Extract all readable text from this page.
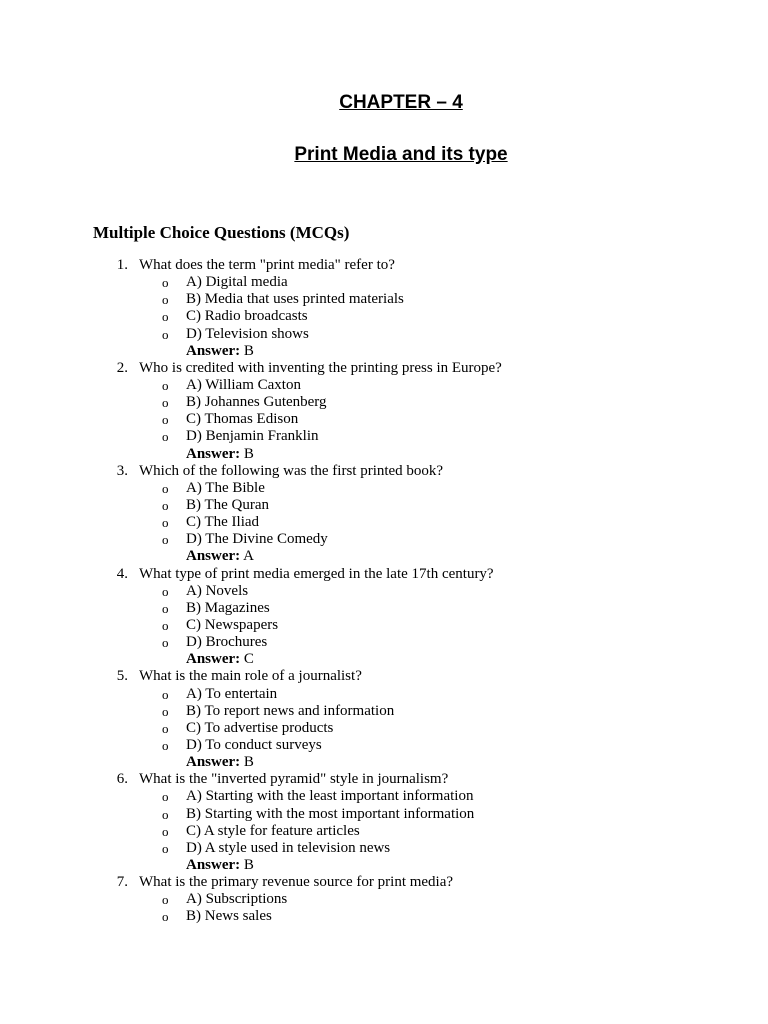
CHAPTER – 4
Print Media and its type
Multiple Choice Questions (MCQs)
1. What does the term "print media" refer to?
o A) Digital media
o B) Media that uses printed materials
o C) Radio broadcasts
o D) Television shows
Answer: B
2. Who is credited with inventing the printing press in Europe?
o A) William Caxton
o B) Johannes Gutenberg
o C) Thomas Edison
o D) Benjamin Franklin
Answer: B
3. Which of the following was the first printed book?
o A) The Bible
o B) The Quran
o C) The Iliad
o D) The Divine Comedy
Answer: A
4. What type of print media emerged in the late 17th century?
o A) Novels
o B) Magazines
o C) Newspapers
o D) Brochures
Answer: C
5. What is the main role of a journalist?
o A) To entertain
o B) To report news and information
o C) To advertise products
o D) To conduct surveys
Answer: B
6. What is the "inverted pyramid" style in journalism?
o A) Starting with the least important information
o B) Starting with the most important information
o C) A style for feature articles
o D) A style used in television news
Answer: B
7. What is the primary revenue source for print media?
o A) Subscriptions
o B) News sales
